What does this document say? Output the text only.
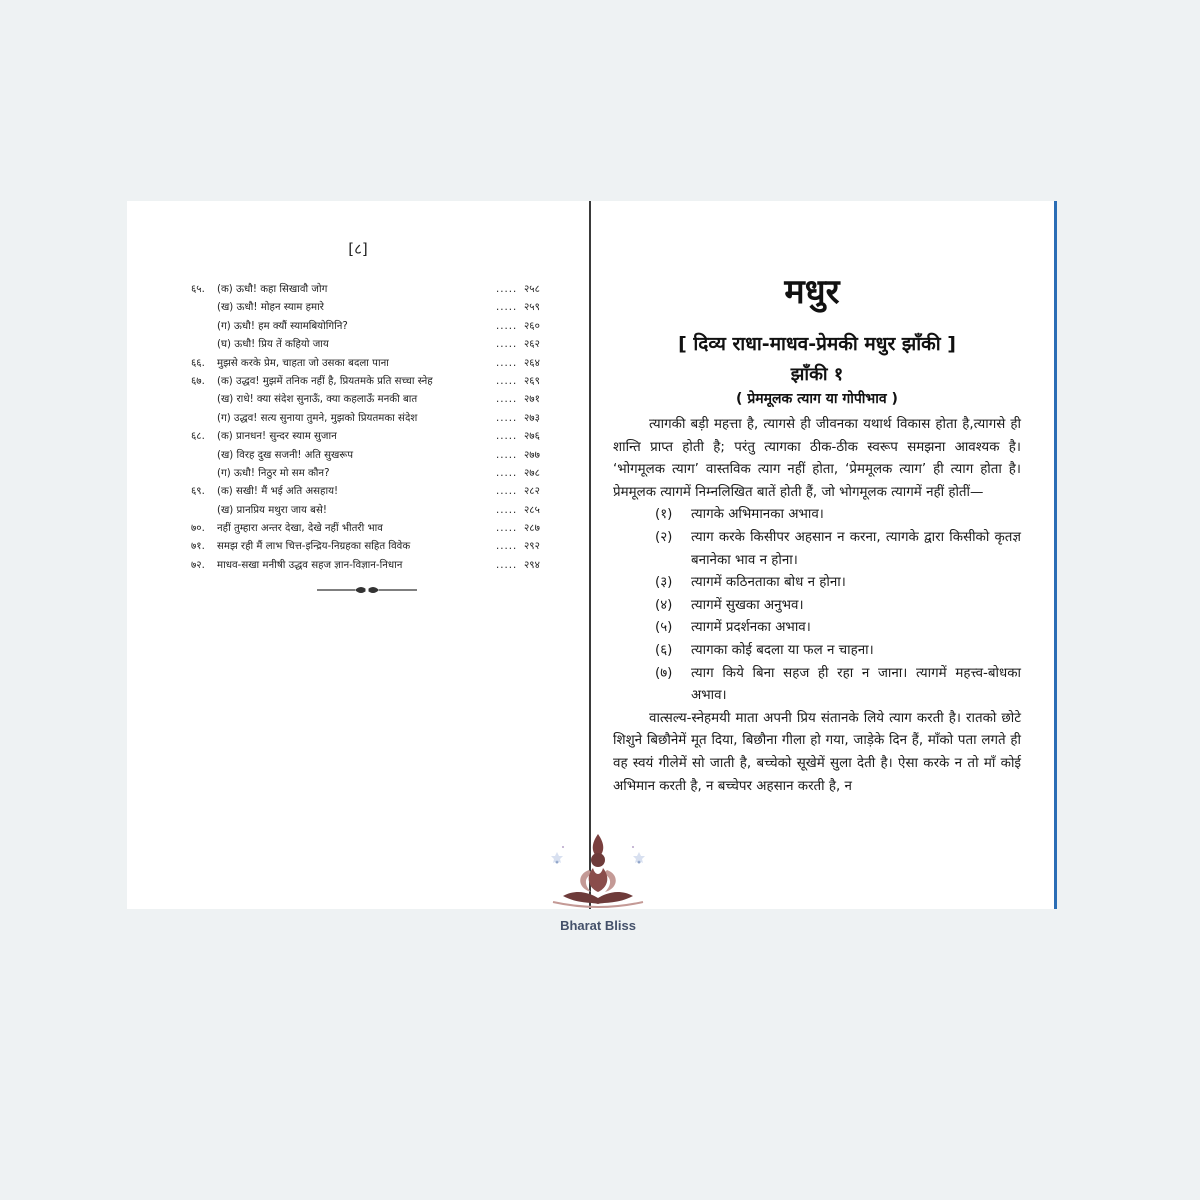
[८]
६५. (क) ऊधौ! कहा सिखावौ जोग	..... २५८
(ख) ऊधौ! मोहन स्याम हमारे	..... २५९
(ग) ऊधौ! हम क्यौं स्यामबियोगिनि?	..... २६०
(घ) ऊधौ! प्रिय तें कहियो जाय	..... २६२
६६. मुझसे करके प्रेम, चाहता जो उसका बदला पाना	..... २६४
६७. (क) उद्धव! मुझमें तनिक नहीं है, प्रियतमके प्रति सच्चा स्नेह	..... २६९
(ख) राधे! क्या संदेश सुनाऊँ, क्या कहलाऊँ मनकी बात	..... २७१
(ग) उद्धव! सत्य सुनाया तुमने, मुझको प्रियतमका संदेश	..... २७३
६८. (क) प्रानधन! सुन्दर स्याम सुजान	..... २७६
(ख) विरह दुख सजनी! अति सुखरूप	..... २७७
(ग) ऊधौ! निठुर मो सम कौन?	..... २७८
६९. (क) सखी! मैं भई अति असहाय!	..... २८२
(ख) प्रानप्रिय मथुरा जाय बसे!	..... २८५
७०. नहीं तुम्हारा अन्तर देखा, देखे नहीं भीतरी भाव	..... २८७
७१. समझ रही मैं लाभ चित्त-इन्द्रिय-निग्रहका सहित विवेक	..... २९२
७२. माधव-सखा मनीषी उद्धव सहज ज्ञान-विज्ञान-निधान	..... २९४
मधुर
[ दिव्य राधा-माधव-प्रेमकी मधुर झाँकी ]
झाँकी १
( प्रेममूलक त्याग या गोपीभाव )

त्यागकी बड़ी महत्ता है, त्यागसे ही जीवनका यथार्थ विकास होता है,त्यागसे ही शान्ति प्राप्त होती है; परंतु त्यागका ठीक-ठीक स्वरूप समझना आवश्यक है। ‘भोगमूलक त्याग’ वास्तविक त्याग नहीं होता, ‘प्रेममूलक त्याग’ ही त्याग होता है। प्रेममूलक त्यागमें निम्नलिखित बातें होती हैं, जो भोगमूलक त्यागमें नहीं होतीं—

(१) त्यागके अभिमानका अभाव।
(२) त्याग करके किसीपर अहसान न करना, त्यागके द्वारा किसीको कृतज्ञ बनानेका भाव न होना।
(३) त्यागमें कठिनताका बोध न होना।
(४) त्यागमें सुखका अनुभव।
(५) त्यागमें प्रदर्शनका अभाव।
(६) त्यागका कोई बदला या फल न चाहना।
(७) त्याग किये बिना सहज ही रहा न जाना। त्यागमें महत्त्व-बोधका अभाव।

वात्सल्य-स्नेहमयी माता अपनी प्रिय संतानके लिये त्याग करती है। रातको छोटे शिशुने बिछौनेमें मूत दिया, बिछौना गीला हो गया, जाड़ेके दिन हैं, माँको पता लगते ही वह स्वयं गीलेमें सो जाती है, बच्चेको सूखेमें सुला देती है। ऐसा करके न तो माँ कोई अभिमान करती है, न बच्चेपर अहसान करती है, न

Bharat Bliss
